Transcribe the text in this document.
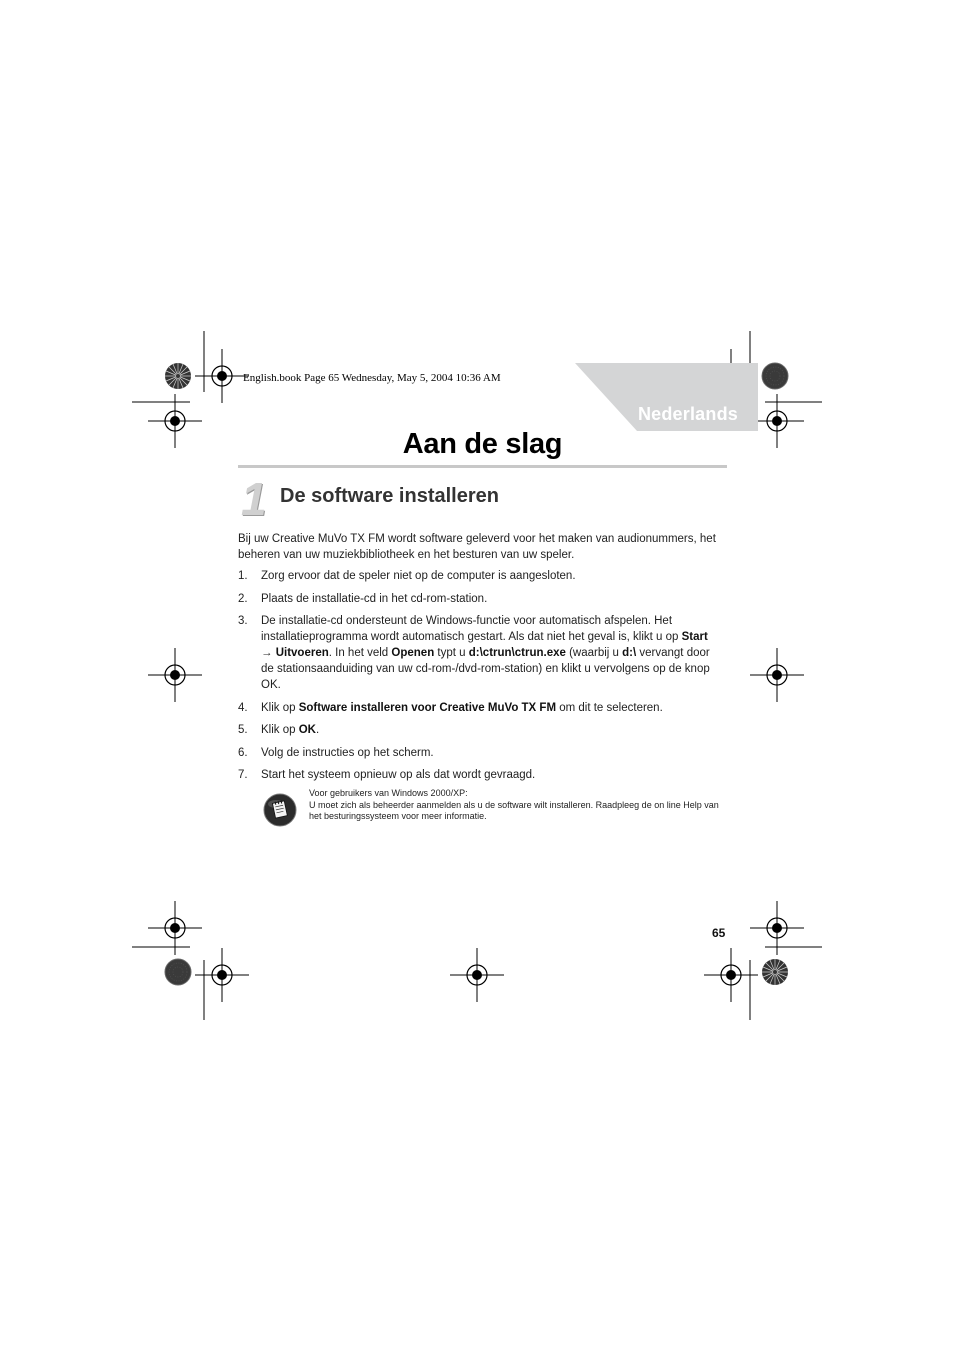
English.book Page 65 Wednesday, May 5, 2004 10:36 AM
Nederlands
Aan de slag
1 De software installeren
Bij uw Creative MuVo TX FM wordt software geleverd voor het maken van audionummers, het beheren van uw muziekbibliotheek en het besturen van uw speler.
1. Zorg ervoor dat de speler niet op de computer is aangesloten.
2. Plaats de installatie-cd in het cd-rom-station.
3. De installatie-cd ondersteunt de Windows-functie voor automatisch afspelen. Het installatieprogramma wordt automatisch gestart. Als dat niet het geval is, klikt u op Start → Uitvoeren. In het veld Openen typt u d:\ctrun\ctrun.exe (waarbij u d:\ vervangt door de stationsaanduiding van uw cd-rom-/dvd-rom-station) en klikt u vervolgens op de knop OK.
4. Klik op Software installeren voor Creative MuVo TX FM om dit te selecteren.
5. Klik op OK.
6. Volg de instructies op het scherm.
7. Start het systeem opnieuw op als dat wordt gevraagd.
Voor gebruikers van Windows 2000/XP:
U moet zich als beheerder aanmelden als u de software wilt installeren. Raadpleeg de on line Help van het besturingssysteem voor meer informatie.
65
